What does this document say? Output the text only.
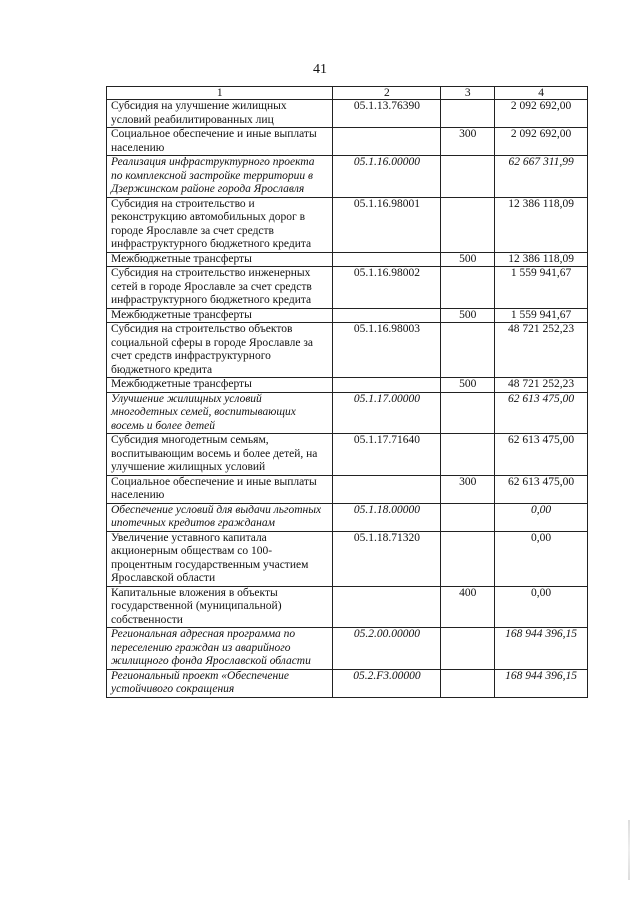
41
1	2	3	4
Субсидия на улучшение жилищных условий реабилитированных лиц	05.1.13.76390		2 092 692,00
Социальное обеспечение и иные выплаты населению		300	2 092 692,00
Реализация инфраструктурного проекта по комплексной застройке территории в Дзержинском районе города Ярославля	05.1.16.00000		62 667 311,99
Субсидия на строительство и реконструкцию автомобильных дорог в городе Ярославле за счет средств инфраструктурного бюджетного кредита	05.1.16.98001		12 386 118,09
Межбюджетные трансферты		500	12 386 118,09
Субсидия на строительство инженерных сетей в городе Ярославле за счет средств инфраструктурного бюджетного кредита	05.1.16.98002		1 559 941,67
Межбюджетные трансферты		500	1 559 941,67
Субсидия на строительство объектов социальной сферы в городе Ярославле за счет средств инфраструктурного бюджетного кредита	05.1.16.98003		48 721 252,23
Межбюджетные трансферты		500	48 721 252,23
Улучшение жилищных условий многодетных семей, воспитывающих восемь и более детей	05.1.17.00000		62 613 475,00
Субсидия многодетным семьям, воспитывающим восемь и более детей, на улучшение жилищных условий	05.1.17.71640		62 613 475,00
Социальное обеспечение и иные выплаты населению		300	62 613 475,00
Обеспечение условий для выдачи льготных ипотечных кредитов гражданам	05.1.18.00000		0,00
Увеличение уставного капитала акционерным обществам со 100-процентным государственным участием Ярославской области	05.1.18.71320		0,00
Капитальные вложения в объекты государственной (муниципальной) собственности		400	0,00
Региональная адресная программа по переселению граждан из аварийного жилищного фонда Ярославской области	05.2.00.00000		168 944 396,15
Региональный проект «Обеспечение устойчивого сокращения	05.2.F3.00000		168 944 396,15
